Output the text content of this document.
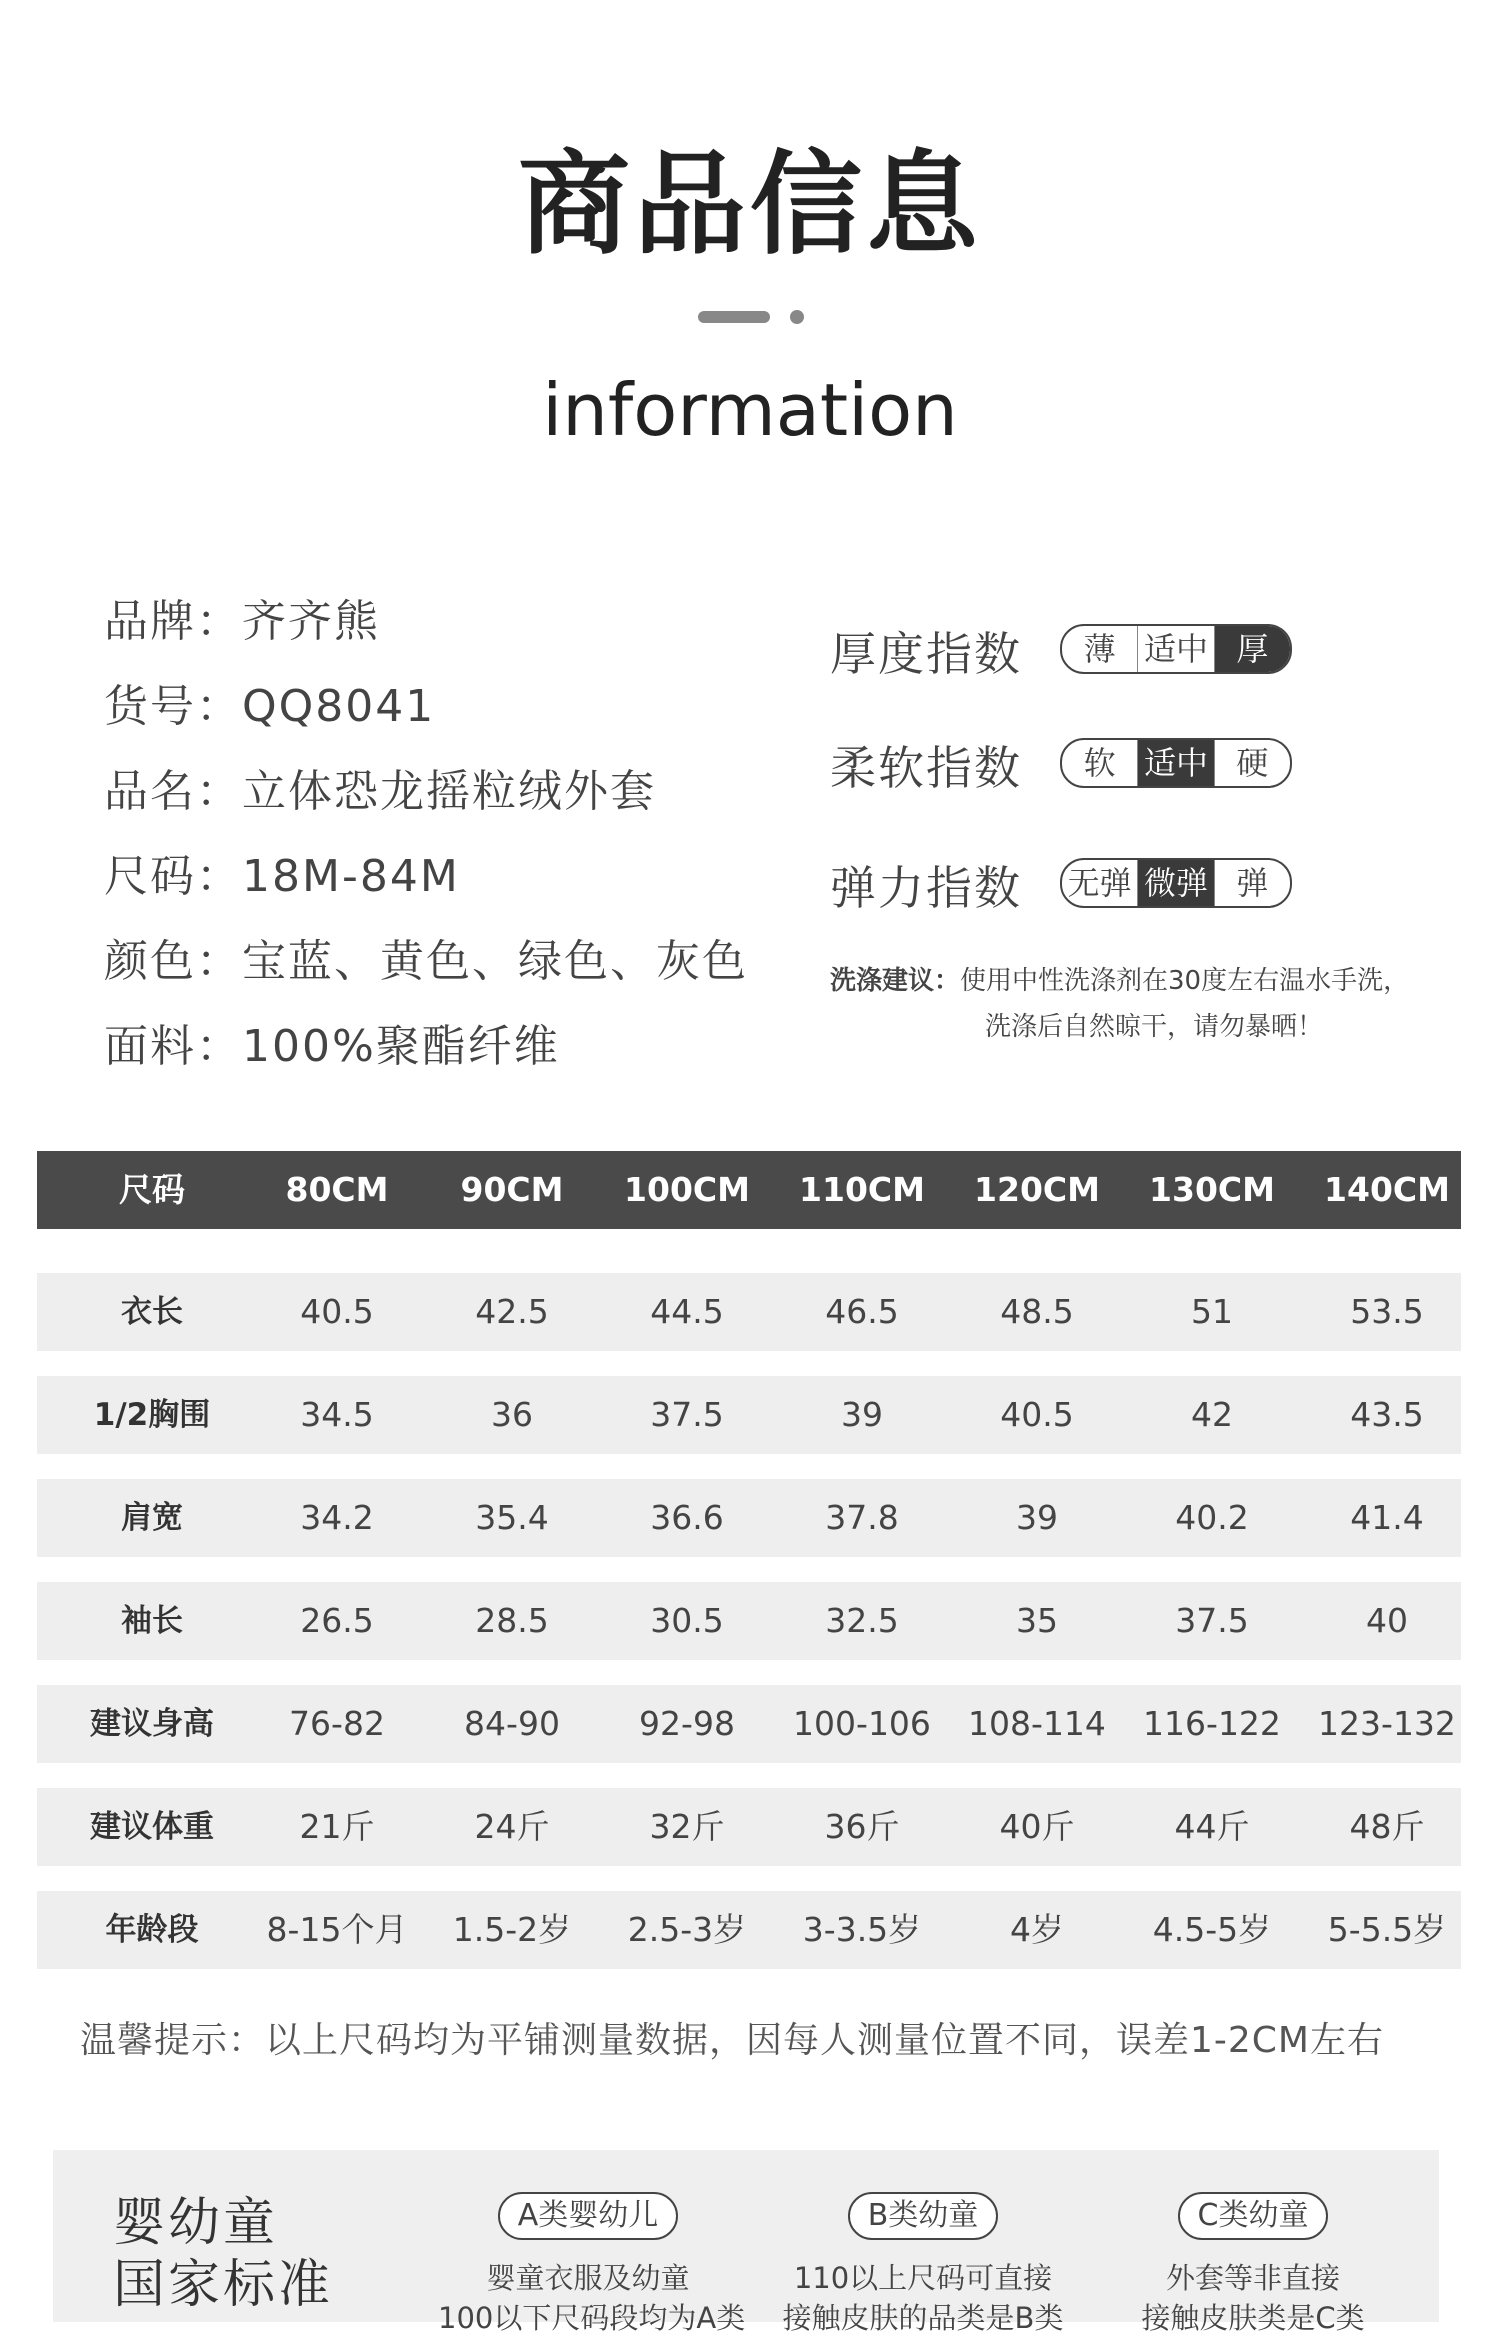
商品信息
information
品牌：齐齐熊
货号：QQ8041
品名：立体恐龙摇粒绒外套
尺码：18M-84M
颜色：宝蓝、黄色、绿色、灰色
面料：100%聚酯纤维
厚度指数	薄 适中 厚
柔软指数	软 适中 硬
弹力指数 无弹 微弹 弹
洗涤建议：使用中性洗涤剂在30度左右温水手洗，
洗涤后自然晾干，请勿暴晒！
尺码	80CM	90CM	100CM	110CM	120CM	130CM	140CM
衣长	40.5	42.5	44.5	46.5	48.5	51	53.5
1/2胸围	34.5	36	37.5	39	40.5	42	43.5
肩宽	34.2	35.4	36.6	37.8	39	40.2	41.4
袖长	26.5	28.5	30.5	32.5	35	37.5	40
建议身高	76-82	84-90	92-98	100-106 108-114 116-122 123-132
建议体重	21斤	24斤	32斤	36斤	40斤	44斤	48斤
年龄段	8-15个月	1.5-2岁	2.5-3岁	3-3.5岁	4岁	4.5-5岁	5-5.5岁
温馨提示：以上尺码均为平铺测量数据，因每人测量位置不同，误差1-2CM左右
婴幼童
国家标准
A类婴幼儿
婴童衣服及幼童
100以下尺码段均为A类
B类幼童
110以上尺码可直接
接触皮肤的品类是B类
C类幼童
外套等非直接
接触皮肤类是C类
